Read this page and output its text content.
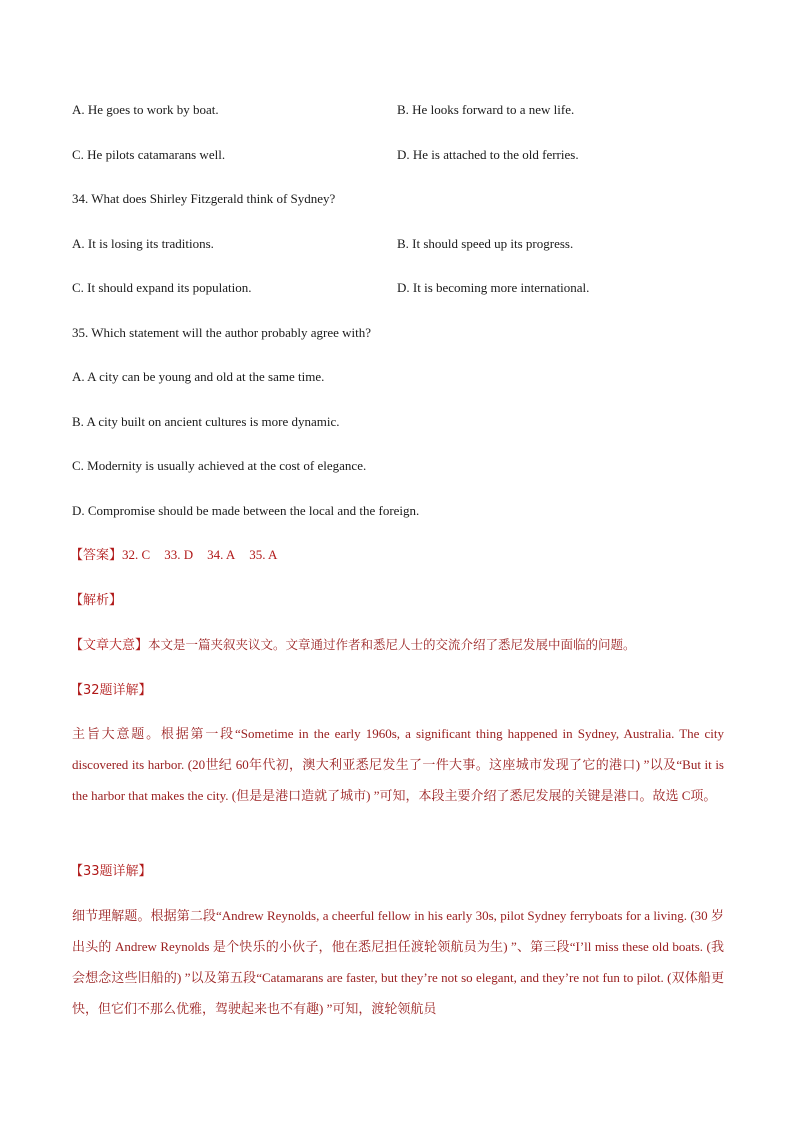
A. He goes to work by boat.	B. He looks forward to a new life.
C. He pilots catamarans well.	D. He is attached to the old ferries.
34. What does Shirley Fitzgerald think of Sydney?
A. It is losing its traditions.	B. It should speed up its progress.
C. It should expand its population.	D. It is becoming more international.
35. Which statement will the author probably agree with?
A. A city can be young and old at the same time.
B. A city built on ancient cultures is more dynamic.
C. Modernity is usually achieved at the cost of elegance.
D. Compromise should be made between the local and the foreign.
【答案】32. C 33. D 34. A 35. A
【解析】
【文章大意】本文是一篇夹叙夹议文。文章通过作者和悉尼人士的交流介绍了悉尼发展中面临的问题。
【32题详解】
主旨大意题。根据第一段“Sometime in the early 1960s, a significant thing happened in Sydney, Australia. The city discovered its harbor. (20世纪 60年代初，澳大利亚悉尼发生了一件大事。这座城市发现了它的港口) ”以及“But it is the harbor that makes the city. (但是是港口造就了城市) ”可知，本段主要介绍了悉尼发展的关键是港口。故选 C项。
【33题详解】
细节理解题。根据第二段“Andrew Reynolds, a cheerful fellow in his early 30s, pilot Sydney ferryboats for a living. (30 岁出头的 Andrew Reynolds 是个快乐的小伙子，他在悉尼担任渡轮领航员为生) ”、第三段“I’ll miss these old boats. (我会想念这些旧船的) ”以及第五段“Catamarans are faster, but they’re not so elegant, and they’re not fun to pilot. (双体船更快，但它们不那么优雅，驾驶起来也不有趣) ”可知，渡轮领航员
